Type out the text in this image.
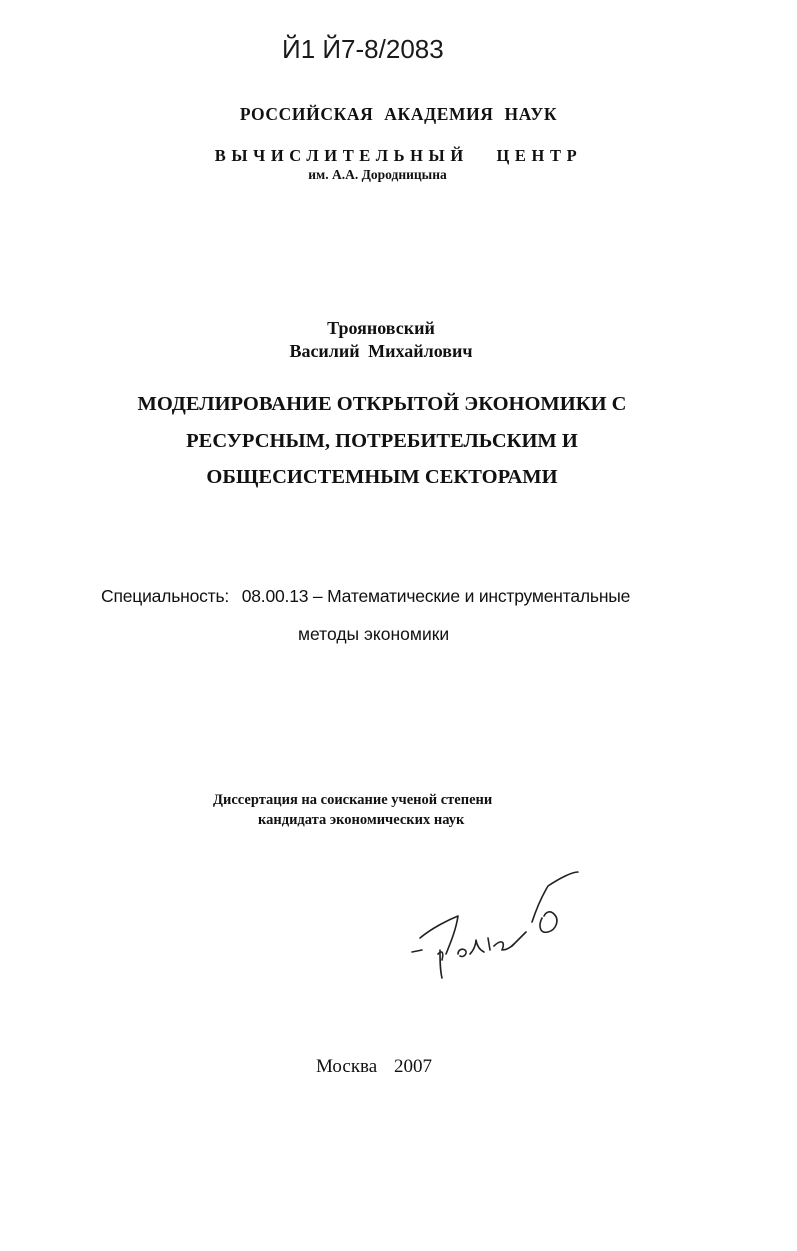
Й1 Й7-8/2083
РОССИЙСКАЯ АКАДЕМИЯ НАУК
ВЫЧИСЛИТЕЛЬНЫЙ ЦЕНТР
им. А.А. Дородницына
Трояновский
Василий Михайлович
МОДЕЛИРОВАНИЕ ОТКРЫТОЙ ЭКОНОМИКИ С
РЕСУРСНЫМ, ПОТРЕБИТЕЛЬСКИМ И
ОБЩЕСИСТЕМНЫМ СЕКТОРАМИ
Специальность: 08.00.13 – Математические и инструментальные
методы экономики
Диссертация на соискание ученой степени
кандидата экономических наук
Москва 2007
